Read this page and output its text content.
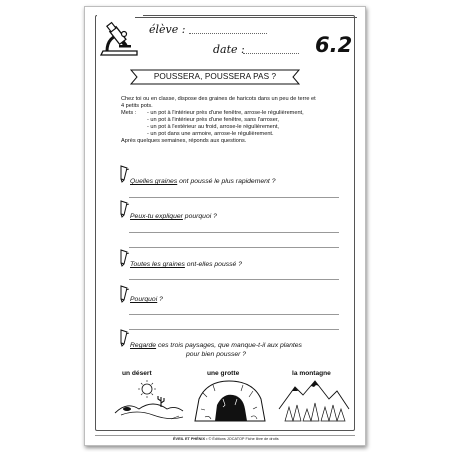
élève :
date :	6.2
POUSSERA, POUSSERA PAS ?
Chez toi ou en classe, dispose des graines de haricots dans un peu de terre et
4 petits pots.
Mets : - un pot à l'intérieur près d'une fenêtre, arrose-le régulièrement,
- un pot à l'intérieur près d'une fenêtre, sans l'arroser,
- un pot à l'extérieur au froid, arrose-le régulièrement,
- un pot dans une armoire, arrose-le régulièrement.
Après quelques semaines, réponds aux questions.
Quelles graines ont poussé le plus rapidement ?
Peux-tu expliquer pourquoi ?
Toutes les graines ont-elles poussé ?
Pourquoi ?
Regarde ces trois paysages, que manque-t-il aux plantes
pour bien pousser ?
un désert	une grotte	la montagne
ÉVEIL ET PHÉNIX • © Éditions JOCATOP Fiche libre de droits
